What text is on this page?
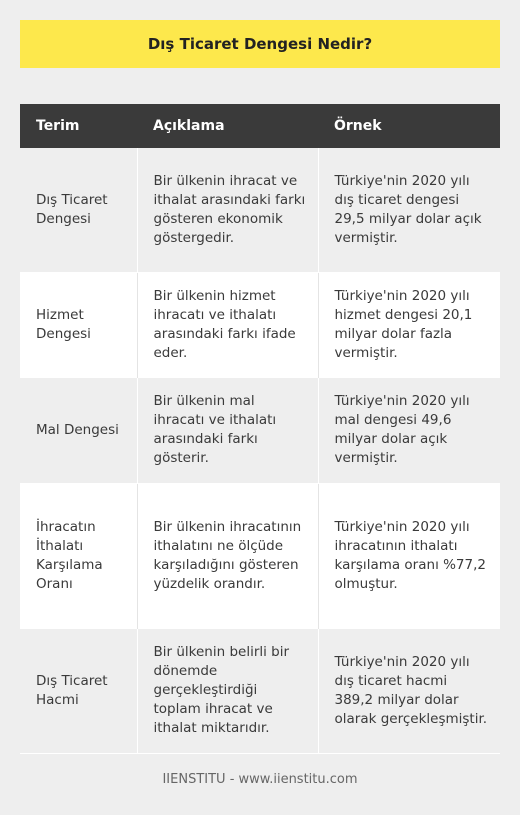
Dış Ticaret Dengesi Nedir?
Terim	Açıklama	Örnek
Dış Ticaret Dengesi	Bir ülkenin ihracat ve ithalat arasındaki farkı gösteren ekonomik göstergedir.	Türkiye'nin 2020 yılı dış ticaret dengesi 29,5 milyar dolar açık vermiştir.
Hizmet Dengesi	Bir ülkenin hizmet ihracatı ve ithalatı arasındaki farkı ifade eder.	Türkiye'nin 2020 yılı hizmet dengesi 20,1 milyar dolar fazla vermiştir.
Mal Dengesi	Bir ülkenin mal ihracatı ve ithalatı arasındaki farkı gösterir.	Türkiye'nin 2020 yılı mal dengesi 49,6 milyar dolar açık vermiştir.
İhracatın İthalatı Karşılama Oranı	Bir ülkenin ihracatının ithalatını ne ölçüde karşıladığını gösteren yüzdelik orandır.	Türkiye'nin 2020 yılı ihracatının ithalatı karşılama oranı %77,2 olmuştur.
Dış Ticaret Hacmi	Bir ülkenin belirli bir dönemde gerçekleştirdiği toplam ihracat ve ithalat miktarıdır.	Türkiye'nin 2020 yılı dış ticaret hacmi 389,2 milyar dolar olarak gerçekleşmiştir.
IIENSTITU - www.iienstitu.com
